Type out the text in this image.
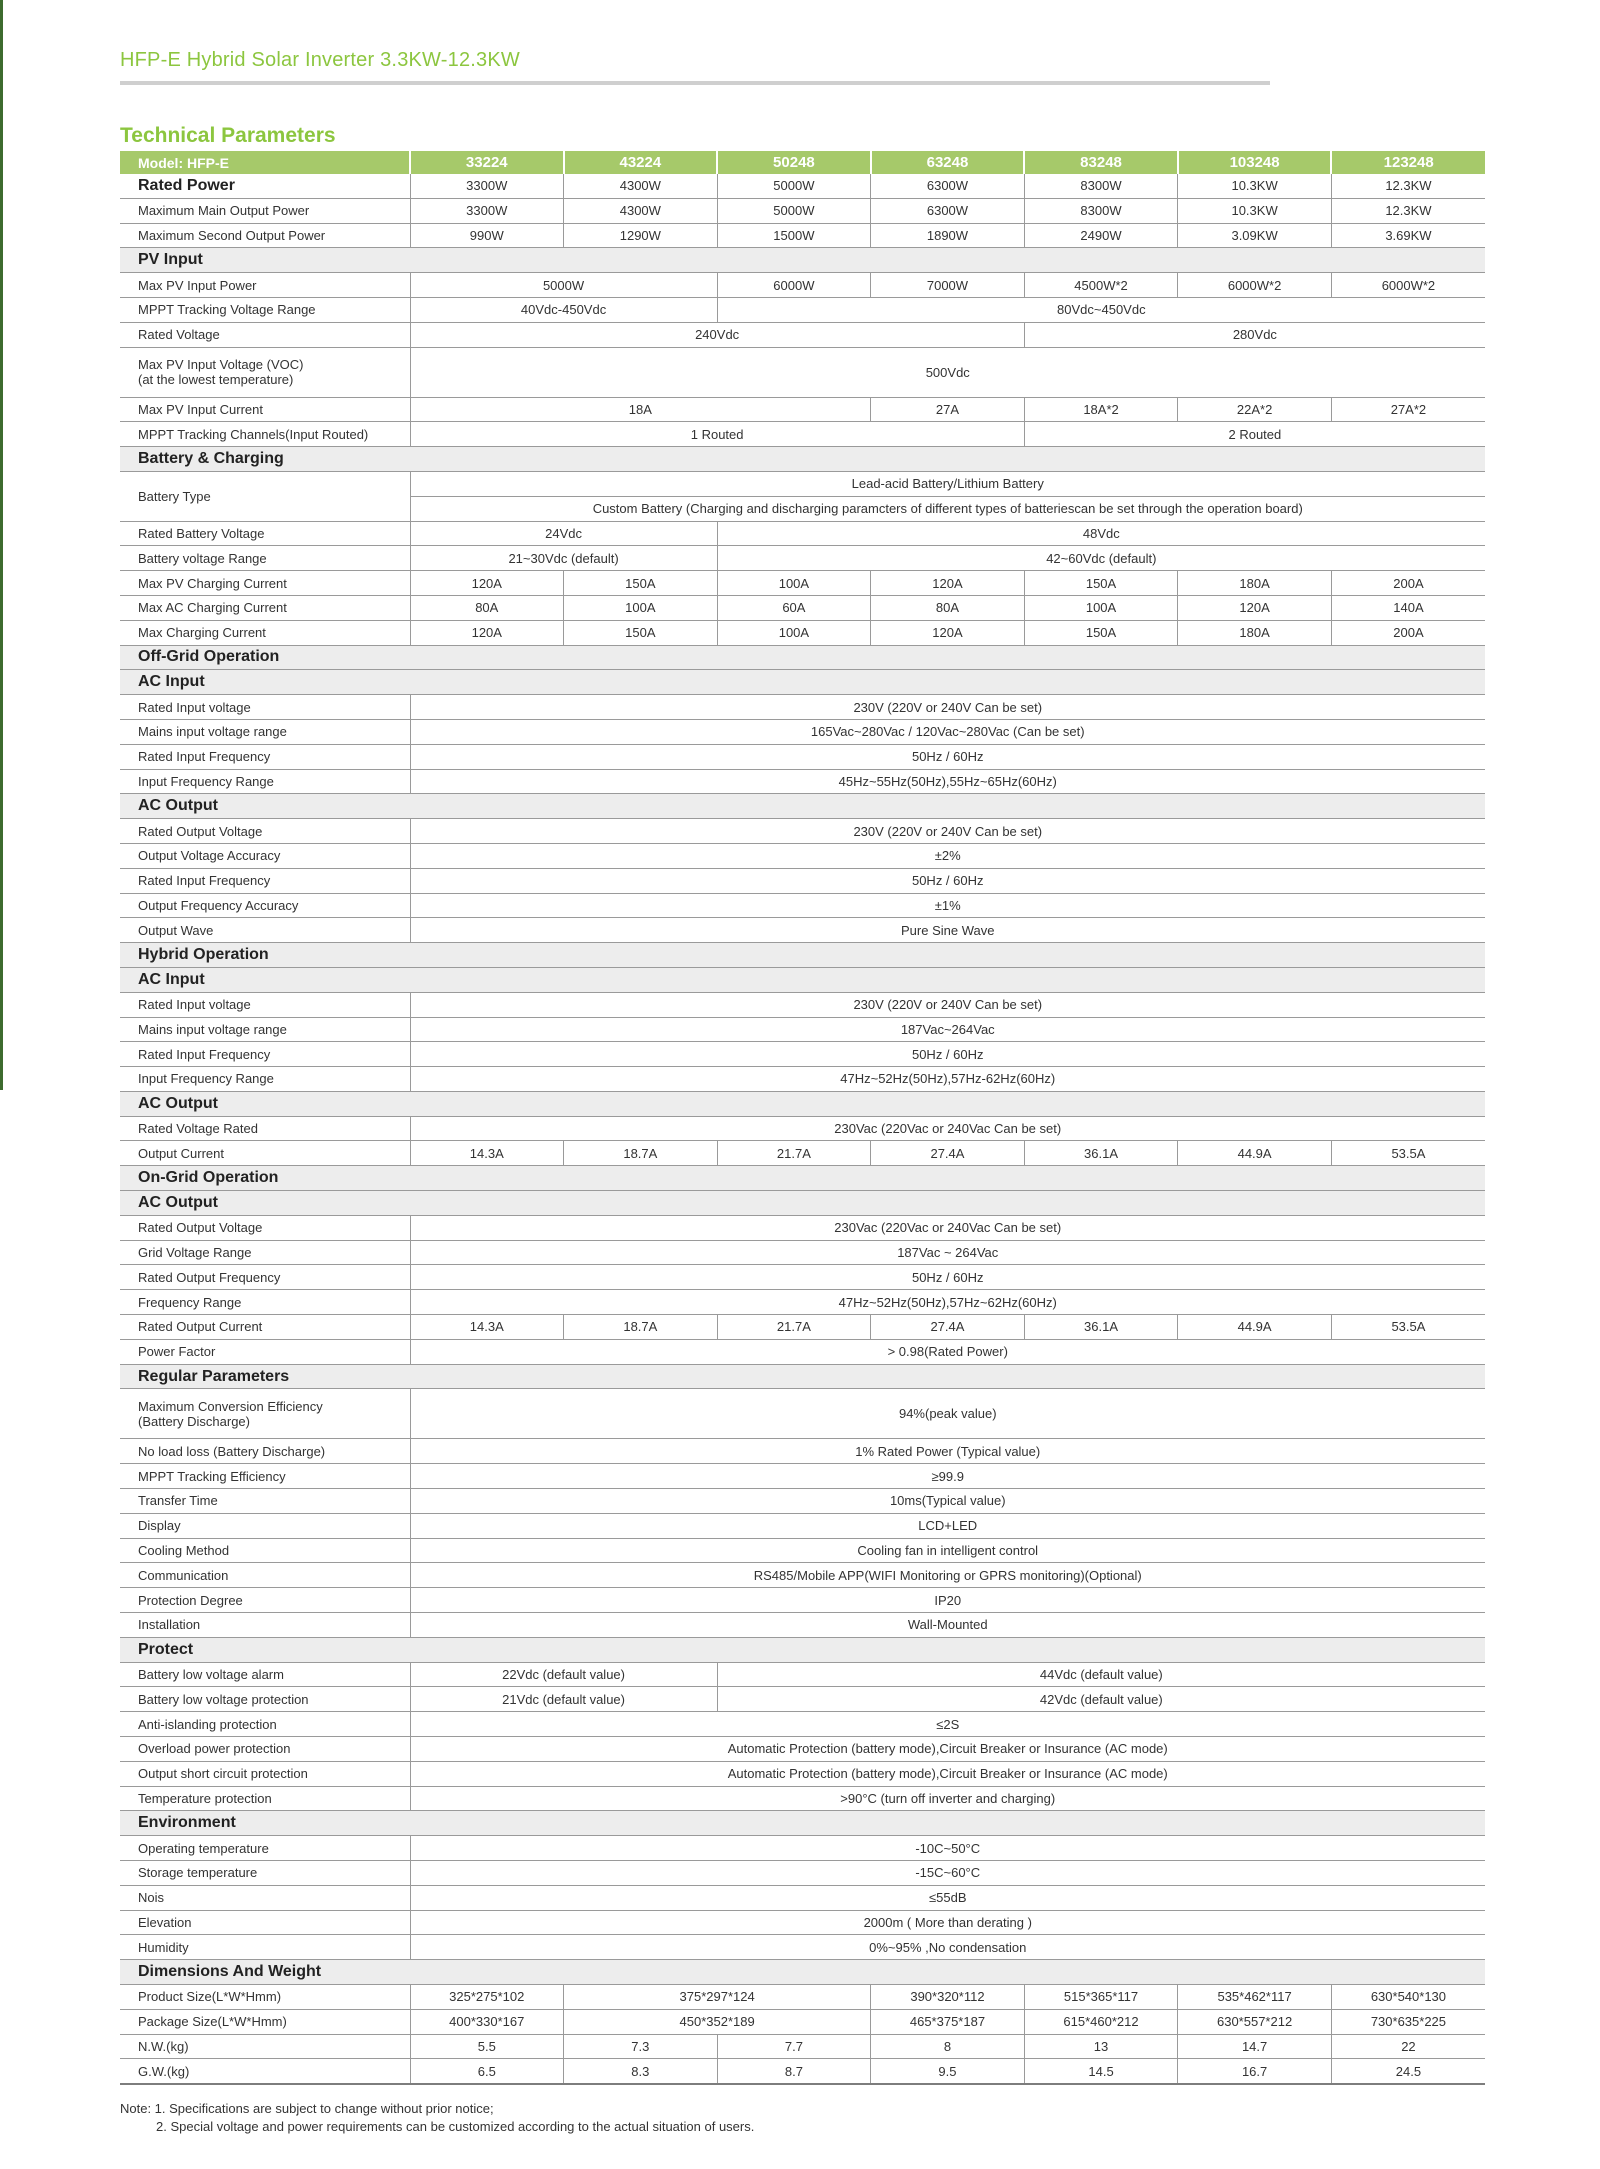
HFP-E Hybrid Solar Inverter 3.3KW-12.3KW
Technical Parameters
Model: HFP-E	33224	43224	50248	63248	83248	103248	123248
Rated Power	3300W	4300W	5000W	6300W	8300W	10.3KW	12.3KW
Maximum Main Output Power	3300W	4300W	5000W	6300W	8300W	10.3KW	12.3KW
Maximum Second Output Power	990W	1290W	1500W	1890W	2490W	3.09KW	3.69KW
PV Input							
Max PV Input Power	5000W		6000W	7000W	4500W*2	6000W*2	6000W*2
MPPT Tracking Voltage Range	40Vdc-450Vdc		80Vdc~450Vdc				
Rated Voltage	240Vdc				280Vdc		
Max PV Input Voltage (VOC)
(at the lowest temperature)	500Vdc						
Max PV Input Current	18A			27A	18A*2	22A*2	27A*2
MPPT Tracking Channels(Input Routed)	1 Routed				2 Routed		
Battery & Charging							
Battery Type	Lead-acid Battery/Lithium Battery						
	Custom Battery (Charging and discharging paramcters of different types of batteriescan be set through the operation board)						
Rated Battery Voltage	24Vdc		48Vdc				
Battery voltage Range	21~30Vdc (default)		42~60Vdc (default)				
Max PV Charging Current	120A	150A	100A	120A	150A	180A	200A
Max AC Charging Current	80A	100A	60A	80A	100A	120A	140A
Max Charging Current	120A	150A	100A	120A	150A	180A	200A
Off-Grid Operation							
AC Input							
Rated Input voltage	230V (220V or 240V Can be set)						
Mains input voltage range	165Vac~280Vac / 120Vac~280Vac (Can be set)						
Rated Input Frequency	50Hz / 60Hz						
Input Frequency Range	45Hz~55Hz(50Hz),55Hz~65Hz(60Hz)						
AC Output							
Rated Output Voltage	230V (220V or 240V Can be set)						
Output Voltage Accuracy	±2%						
Rated Input Frequency	50Hz / 60Hz						
Output Frequency Accuracy	±1%						
Output Wave	Pure Sine Wave						
Hybrid Operation							
AC Input							
Rated Input voltage	230V (220V or 240V Can be set)						
Mains input voltage range	187Vac~264Vac						
Rated Input Frequency	50Hz / 60Hz						
Input Frequency Range	47Hz~52Hz(50Hz),57Hz-62Hz(60Hz)						
AC Output							
Rated Voltage Rated	230Vac (220Vac or 240Vac Can be set)						
Output Current	14.3A	18.7A	21.7A	27.4A	36.1A	44.9A	53.5A
On-Grid Operation							
AC Output							
Rated Output Voltage	230Vac (220Vac or 240Vac Can be set)						
Grid Voltage Range	187Vac ~ 264Vac						
Rated Output Frequency	50Hz / 60Hz						
Frequency Range	47Hz~52Hz(50Hz),57Hz~62Hz(60Hz)						
Rated Output Current	14.3A	18.7A	21.7A	27.4A	36.1A	44.9A	53.5A
Power Factor	> 0.98(Rated Power)						
Regular Parameters							
Maximum Conversion Efficiency
(Battery Discharge)	94%(peak value)						
No load loss (Battery Discharge)	1% Rated Power (Typical value)						
MPPT Tracking Efficiency	≥99.9						
Transfer Time	10ms(Typical value)						
Display	LCD+LED						
Cooling Method	Cooling fan in intelligent control						
Communication	RS485/Mobile APP(WIFI Monitoring or GPRS monitoring)(Optional)						
Protection Degree	IP20						
Installation	Wall-Mounted						
Protect							
Battery low voltage alarm	22Vdc (default value)		44Vdc (default value)				
Battery low voltage protection	21Vdc (default value)		42Vdc (default value)				
Anti-islanding protection	≤2S						
Overload power protection	Automatic Protection (battery mode),Circuit Breaker or Insurance (AC mode)						
Output short circuit protection	Automatic Protection (battery mode),Circuit Breaker or Insurance (AC mode)						
Temperature protection	>90°C (turn off inverter and charging)						
Environment							
Operating temperature	-10C~50°C						
Storage temperature	-15C~60°C						
Nois	≤55dB						
Elevation	2000m ( More than derating )						
Humidity	0%~95% ,No condensation						
Dimensions And Weight							
Product Size(L*W*Hmm)	325*275*102	375*297*124		390*320*112	515*365*117	535*462*117	630*540*130
Package Size(L*W*Hmm)	400*330*167	450*352*189		465*375*187	615*460*212	630*557*212	730*635*225
N.W.(kg)	5.5	7.3	7.7	8	13	14.7	22
G.W.(kg)	6.5	8.3	8.7	9.5	14.5	16.7	24.5
Note: 1. Specifications are subject to change without prior notice;
2. Special voltage and power requirements can be customized according to the actual situation of users.
